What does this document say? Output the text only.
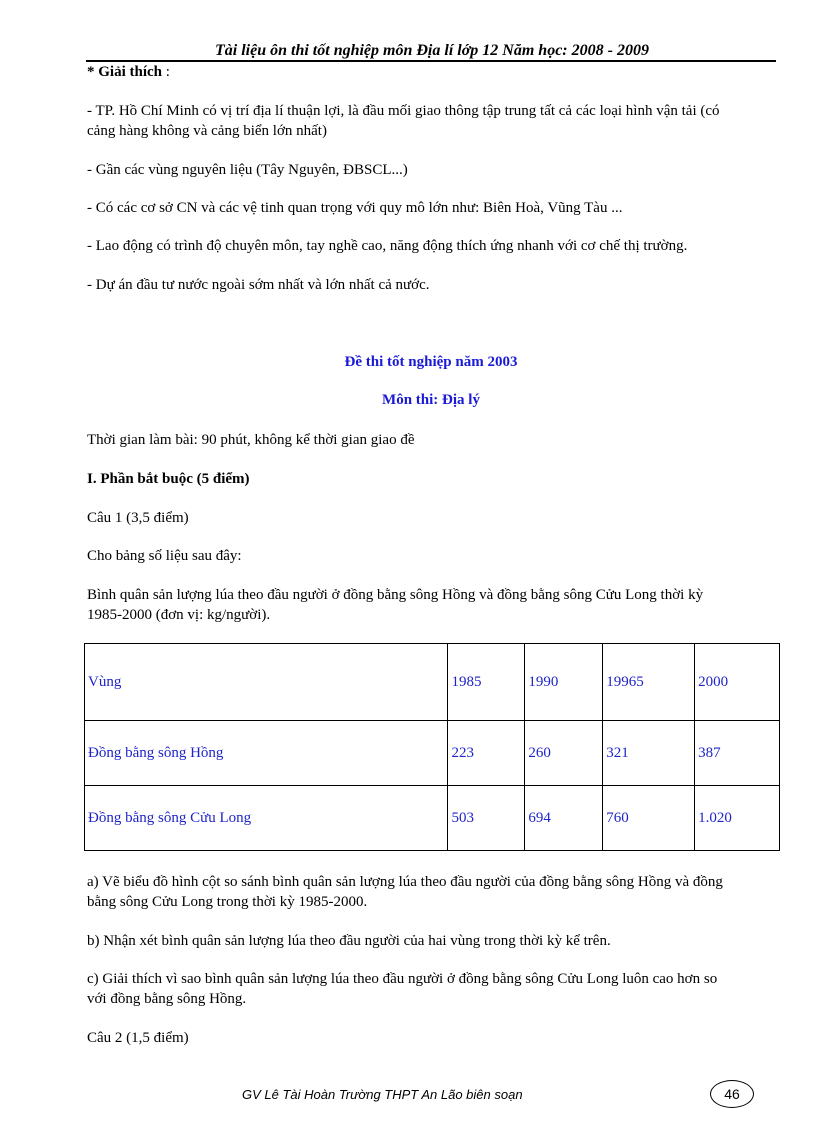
Tài liệu ôn thi tốt nghiệp môn Địa lí lớp 12 Năm học: 2008 - 2009
* Giải thích :
- TP. Hồ Chí Minh có vị trí địa lí thuận lợi, là đầu mối giao thông tập trung tất cả các loại hình vận tải (có
cảng hàng không và cảng biển lớn nhất)
- Gần các vùng nguyên liệu (Tây Nguyên, ĐBSCL...)
- Có các cơ sở CN và các vệ tinh quan trọng với quy mô lớn như: Biên Hoà, Vũng Tàu ...
- Lao động có trình độ chuyên môn, tay nghề cao, năng động thích ứng nhanh với cơ chế thị trường.
- Dự án đầu tư nước ngoài sớm nhất và lớn nhất cả nước.
Đề thi tốt nghiệp năm 2003
Môn thi: Địa lý
Thời gian làm bài: 90 phút, không kể thời gian giao đề
I. Phần bắt buộc (5 điểm)
Câu 1 (3,5 điểm)
Cho bảng số liệu sau đây:
Bình quân sản lượng lúa theo đầu người ở đồng bằng sông Hồng và đồng bằng sông Cửu Long thời kỳ
1985-2000 (đơn vị: kg/người).
Vùng	1985	1990	19965	2000
Đồng bằng sông Hồng	223	260	321	387
Đồng bằng sông Cửu Long	503	694	760	1.020
a) Vẽ biểu đồ hình cột so sánh bình quân sản lượng lúa theo đầu người của đồng bằng sông Hồng và đồng
bằng sông Cửu Long trong thời kỳ 1985-2000.
b) Nhận xét bình quân sản lượng lúa theo đầu người của hai vùng trong thời kỳ kể trên.
c) Giải thích vì sao bình quân sản lượng lúa theo đầu người ở đồng bằng sông Cửu Long luôn cao hơn so
với đồng bằng sông Hồng.
Câu 2 (1,5 điểm)
GV Lê Tài Hoàn Trường THPT An Lão biên soạn	46
